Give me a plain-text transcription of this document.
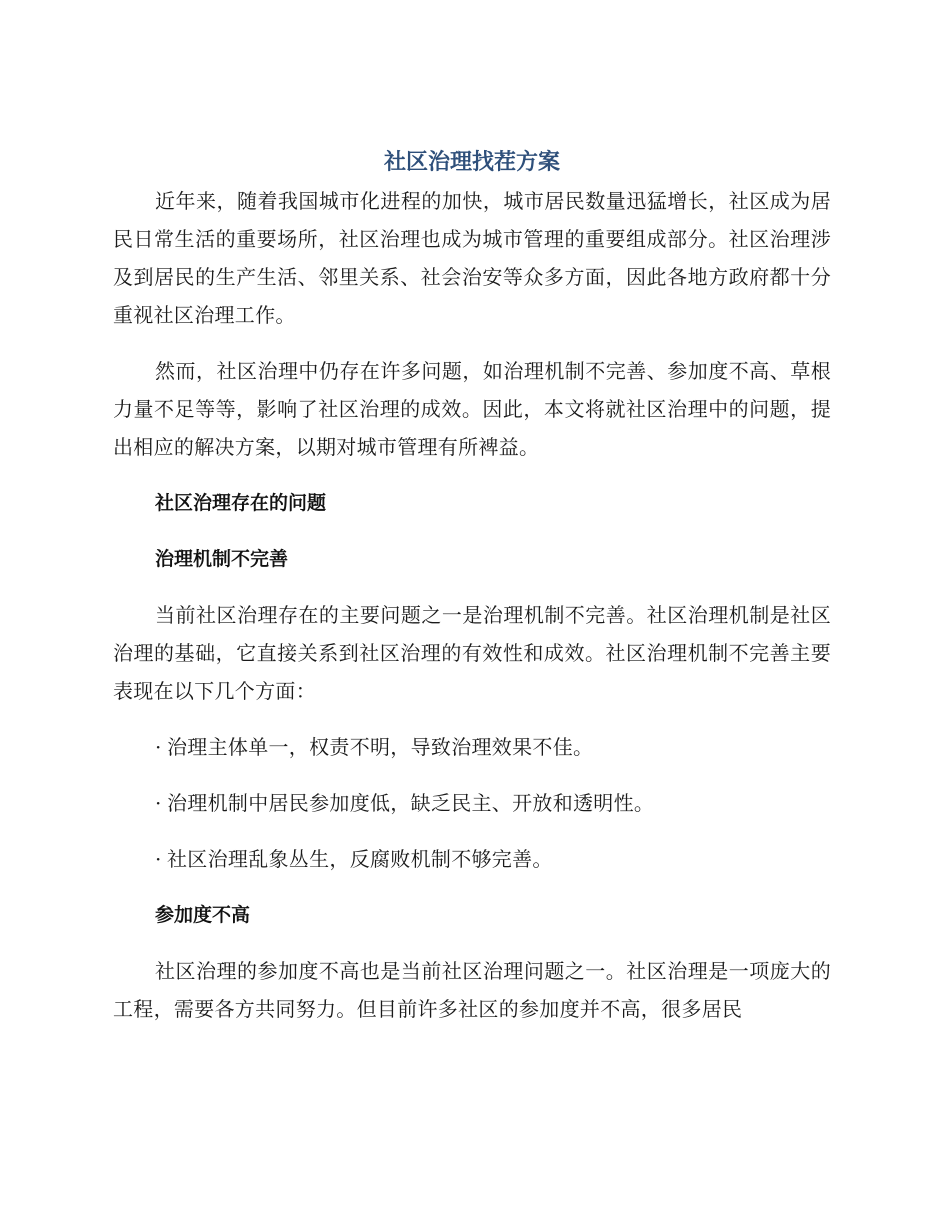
社区治理找茬方案

近年来，随着我国城市化进程的加快，城市居民数量迅猛增长，社区成为居民日常生活的重要场所，社区治理也成为城市管理的重要组成部分。社区治理涉及到居民的生产生活、邻里关系、社会治安等众多方面，因此各地方政府都十分重视社区治理工作。

然而，社区治理中仍存在许多问题，如治理机制不完善、参加度不高、草根力量不足等等，影响了社区治理的成效。因此，本文将就社区治理中的问题，提出相应的解决方案，以期对城市管理有所裨益。

社区治理存在的问题
治理机制不完善

当前社区治理存在的主要问题之一是治理机制不完善。社区治理机制是社区治理的基础，它直接关系到社区治理的有效性和成效。社区治理机制不完善主要表现在以下几个方面：

· 治理主体单一，权责不明，导致治理效果不佳。
· 治理机制中居民参加度低，缺乏民主、开放和透明性。
· 社区治理乱象丛生，反腐败机制不够完善。
参加度不高

社区治理的参加度不高也是当前社区治理问题之一。社区治理是一项庞大的工程，需要各方共同努力。但目前许多社区的参加度并不高，很多居民
